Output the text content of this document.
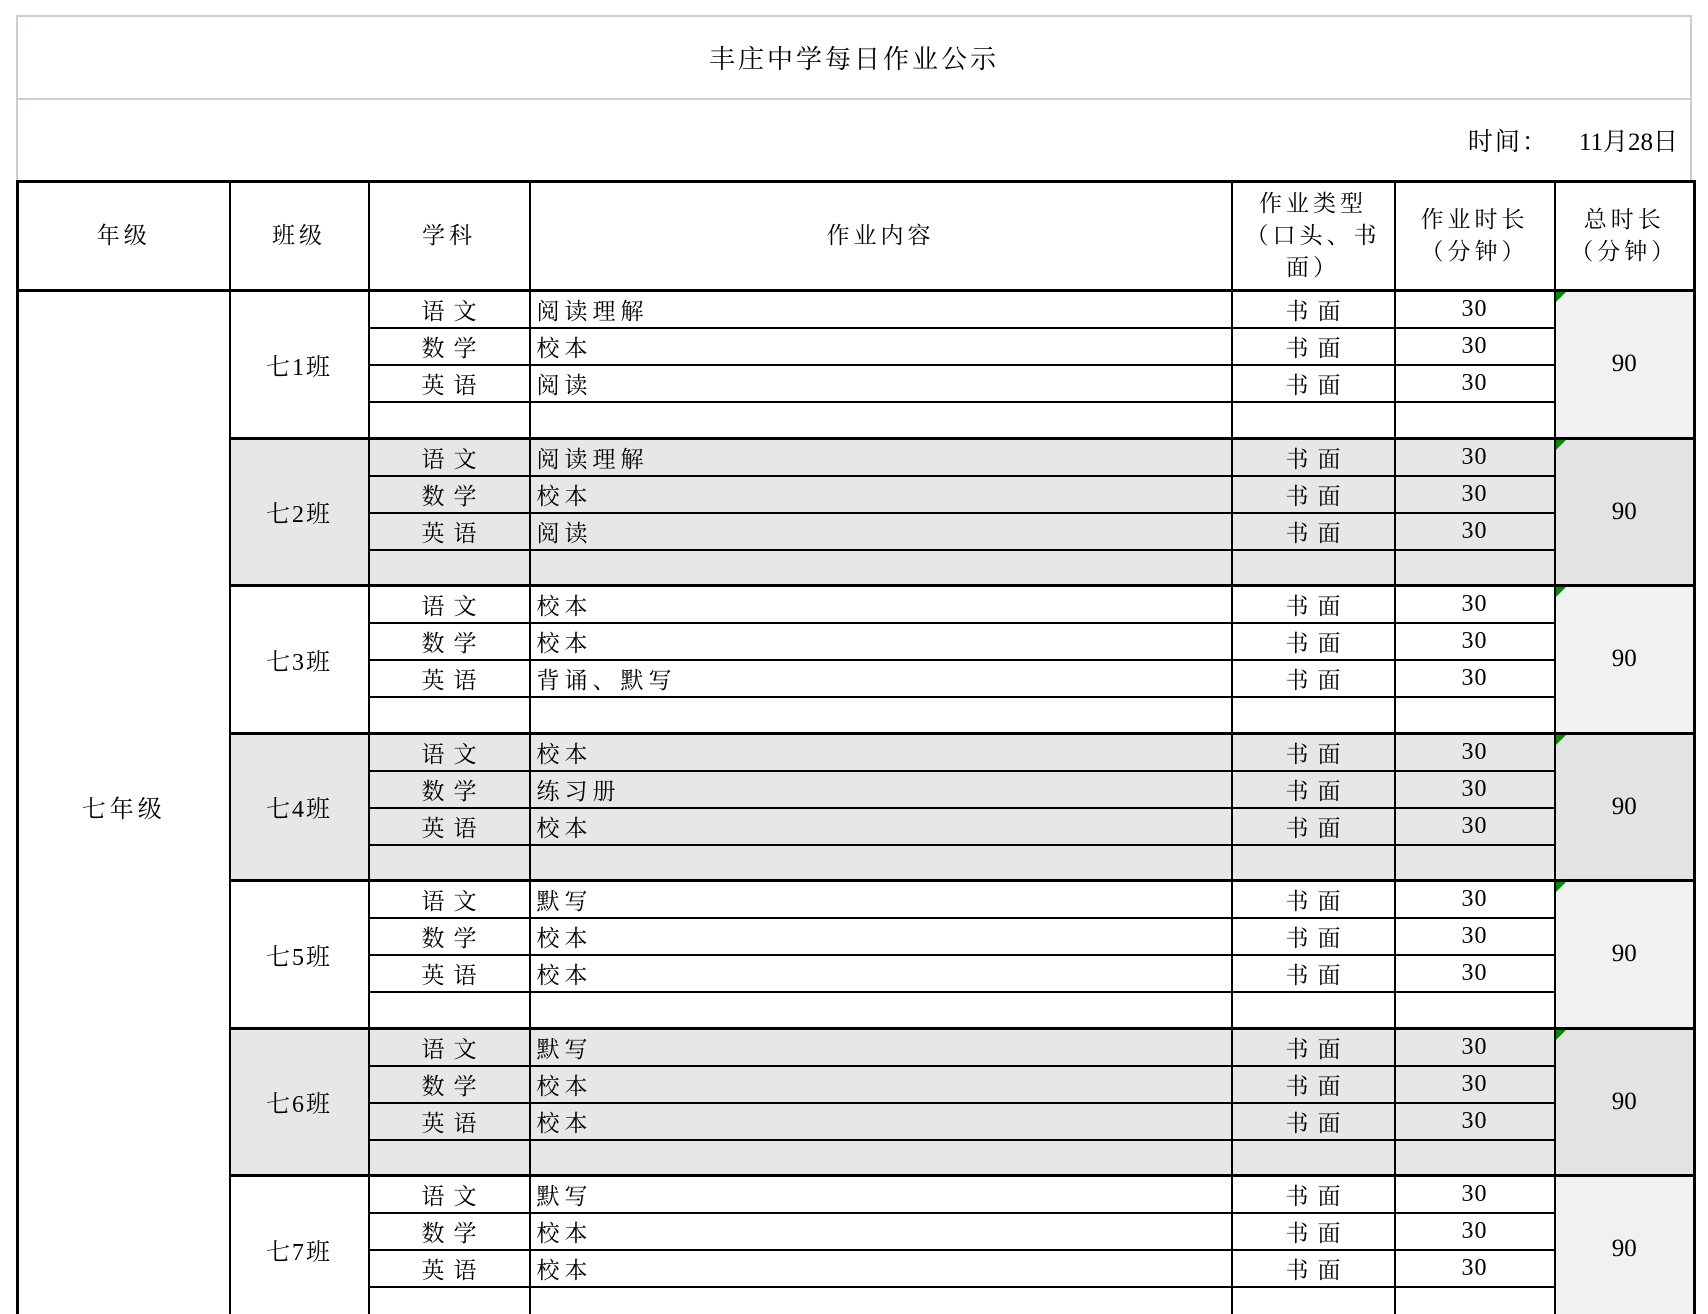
丰庄中学每日作业公示
时间： 11月28日
年级	班级	学科	作业内容	作业类型（口头、书面）	作业时长（分钟）	总时长（分钟）
七年级	七1班	语文	阅读理解	书面	30	90
		数学	校本	书面	30	
		英语	阅读	书面	30	

	七2班	语文	阅读理解	书面	30	90
		数学	校本	书面	30	
		英语	阅读	书面	30	

	七3班	语文	校本	书面	30	90
		数学	校本	书面	30	
		英语	背诵、默写	书面	30	

	七4班	语文	校本	书面	30	90
		数学	练习册	书面	30	
		英语	校本	书面	30	

	七5班	语文	默写	书面	30	90
		数学	校本	书面	30	
		英语	校本	书面	30	

	七6班	语文	默写	书面	30	90
		数学	校本	书面	30	
		英语	校本	书面	30	

	七7班	语文	默写	书面	30	90
		数学	校本	书面	30	
		英语	校本	书面	30	
